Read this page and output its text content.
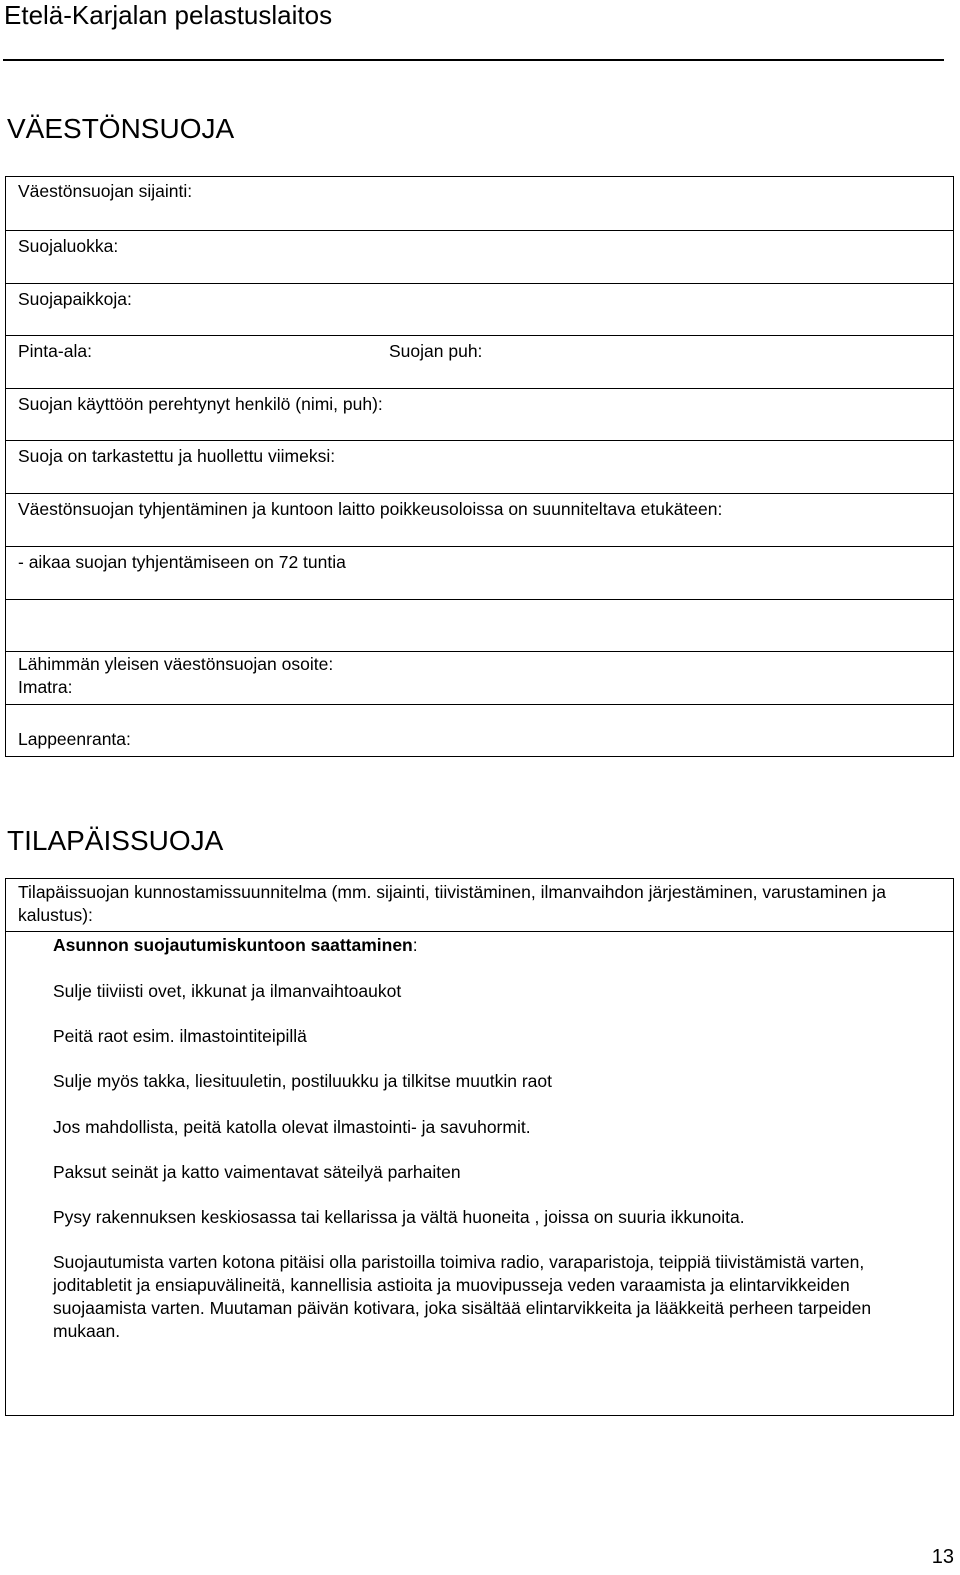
Etelä-Karjalan pelastuslaitos
VÄESTÖNSUOJA
Väestönsuojan sijainti:
Suojaluokka:
Suojapaikkoja:
Pinta-ala:	Suojan puh:
Suojan käyttöön perehtynyt henkilö (nimi, puh):
Suoja on tarkastettu ja huollettu viimeksi:
Väestönsuojan tyhjentäminen ja kuntoon laitto poikkeusoloissa on suunniteltava etukäteen:
- aikaa suojan tyhjentämiseen on 72 tuntia
Lähimmän yleisen väestönsuojan osoite:
Imatra:
Lappeenranta:
TILAPÄISSUOJA
Tilapäissuojan kunnostamissuunnitelma (mm. sijainti, tiivistäminen, ilmanvaihdon järjestäminen, varustaminen ja kalustus):
Asunnon suojautumiskuntoon saattaminen:
Sulje tiiviisti ovet, ikkunat ja ilmanvaihtoaukot
Peitä raot esim. ilmastointiteipillä
Sulje myös takka, liesituuletin, postiluukku ja tilkitse muutkin raot
Jos mahdollista, peitä katolla olevat ilmastointi- ja savuhormit.
Paksut seinät ja katto vaimentavat säteilyä parhaiten
Pysy rakennuksen keskiosassa tai kellarissa ja vältä huoneita , joissa on suuria ikkunoita.
Suojautumista varten kotona pitäisi olla paristoilla toimiva radio, varaparistoja, teippiä tiivistämistä varten, joditabletit ja ensiapuvälineitä, kannellisia astioita ja muovipusseja veden varaamista ja elintarvikkeiden suojaamista varten. Muutaman päivän kotivara, joka sisältää elintarvikkeita ja lääkkeitä perheen tarpeiden mukaan.
13
